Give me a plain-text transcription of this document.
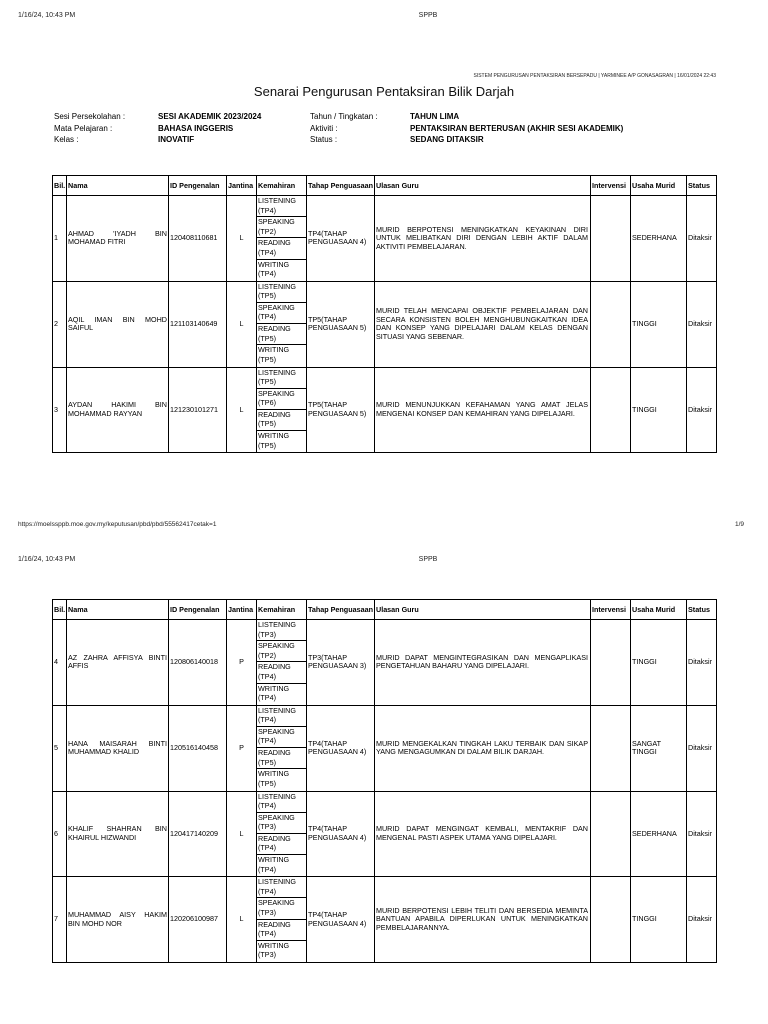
1/16/24, 10:43 PM	SPPB
SISTEM PENGURUSAN PENTAKSIRAN BERSEPADU | YARMINEE A/P GONASAGRAN | 16/01/2024 22:43
Senarai Pengurusan Pentaksiran Bilik Darjah
Sesi Persekolahan :	SESI AKADEMIK 2023/2024
Mata Pelajaran :	BAHASA INGGERIS
Kelas :	INOVATIF
Tahun / Tingkatan :	TAHUN LIMA
Aktiviti :	PENTAKSIRAN BERTERUSAN (AKHIR SESI AKADEMIK)
Status :	SEDANG DITAKSIR
Bil.	Nama	ID Pengenalan	Jantina	Kemahiran	Tahap Penguasaan	Ulasan Guru	Intervensi	Usaha Murid	Status
1	AHMAD 'IYADH BIN MOHAMAD FITRI	120408110681	L	LISTENING (TP4)
SPEAKING (TP2)
READING (TP4)
WRITING (TP4)	TP4(TAHAP PENGUASAAN 4)	MURID BERPOTENSI MENINGKATKAN KEYAKINAN DIRI UNTUK MELIBATKAN DIRI DENGAN LEBIH AKTIF DALAM AKTIVITI PEMBELAJARAN.		SEDERHANA	Ditaksir
2	AQIL IMAN BIN MOHD SAIFUL	121103140649	L	LISTENING (TP5)
SPEAKING (TP4)
READING (TP5)
WRITING (TP5)	TP5(TAHAP PENGUASAAN 5)	MURID TELAH MENCAPAI OBJEKTIF PEMBELAJARAN DAN SECARA KONSISTEN BOLEH MENGHUBUNGKAITKAN IDEA DAN KONSEP YANG DIPELAJARI DALAM KELAS DENGAN SITUASI YANG SEBENAR.		TINGGI	Ditaksir
3	AYDAN HAKIMI BIN MOHAMMAD RAYYAN	121230101271	L	LISTENING (TP5)
SPEAKING (TP6)
READING (TP5)
WRITING (TP5)	TP5(TAHAP PENGUASAAN 5)	MURID MENUNJUKKAN KEFAHAMAN YANG AMAT JELAS MENGENAI KONSEP DAN KEMAHIRAN YANG DIPELAJARI.		TINGGI	Ditaksir
https://moelssppb.moe.gov.my/keputusan/pbd/pbd/55562417cetak=1	1/9
1/16/24, 10:43 PM	SPPB
Bil.	Nama	ID Pengenalan	Jantina	Kemahiran	Tahap Penguasaan	Ulasan Guru	Intervensi	Usaha Murid	Status
4	AZ ZAHRA AFFISYA BINTI AFFIS	120806140018	P	LISTENING (TP3)
SPEAKING (TP2)
READING (TP4)
WRITING (TP4)	TP3(TAHAP PENGUASAAN 3)	MURID DAPAT MENGINTEGRASIKAN DAN MENGAPLIKASI PENGETAHUAN BAHARU YANG DIPELAJARI.		TINGGI	Ditaksir
5	HANA MAISARAH BINTI MUHAMMAD KHALID	120516140458	P	LISTENING (TP4)
SPEAKING (TP4)
READING (TP5)
WRITING (TP5)	TP4(TAHAP PENGUASAAN 4)	MURID MENGEKALKAN TINGKAH LAKU TERBAIK DAN SIKAP YANG MENGAGUMKAN DI DALAM BILIK DARJAH.		SANGAT TINGGI	Ditaksir
6	KHALIF SHAHRAN BIN KHAIRUL HIZWANDI	120417140209	L	LISTENING (TP4)
SPEAKING (TP3)
READING (TP4)
WRITING (TP4)	TP4(TAHAP PENGUASAAN 4)	MURID DAPAT MENGINGAT KEMBALI, MENTAKRIF DAN MENGENAL PASTI ASPEK UTAMA YANG DIPELAJARI.		SEDERHANA	Ditaksir
7	MUHAMMAD AISY HAKIM BIN MOHD NOR	120206100987	L	LISTENING (TP4)
SPEAKING (TP3)
READING (TP4)
WRITING (TP3)	TP4(TAHAP PENGUASAAN 4)	MURID BERPOTENSI LEBIH TELITI DAN BERSEDIA MEMINTA BANTUAN APABILA DIPERLUKAN UNTUK MENINGKATKAN PEMBELAJARANNYA.		TINGGI	Ditaksir
